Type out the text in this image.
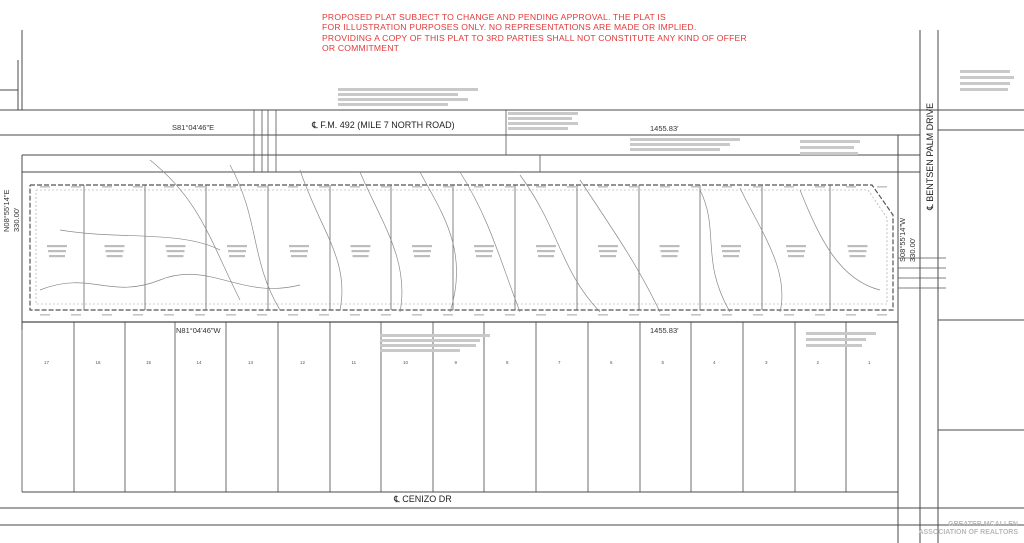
PROPOSED PLAT SUBJECT TO CHANGE AND PENDING APPROVAL. THE PLAT IS
FOR ILLUSTRATION PURPOSES ONLY. NO REPRESENTATIONS ARE MADE OR IMPLIED.
PROVIDING A COPY OF THIS PLAT TO 3RD PARTIES SHALL NOT CONSTITUTE ANY KIND OF OFFER
OR COMMITMENT
℄ F.M. 492 (MILE 7 NORTH ROAD)	℄ BENTSEN PALM DRIVE
℄ CENIZO DR
S81°04'46"E	1455.83'
N81°04'46"W	1455.83'
N08°55'14"E 330.00'	S08°55'14"W 330.00'
17	16	15	14	13	12	11	10	9	8	7	6	5	4	3	2	1
GREATER MCALLEN
ASSOCIATION OF REALTORS
